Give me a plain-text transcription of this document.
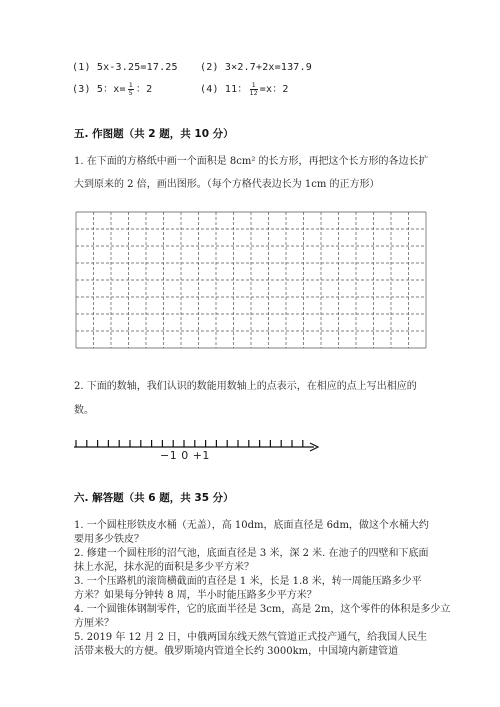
(1) 5x-3.25=17.25 (2) 3×2.7+2x=137.9
(3) 5：$x= \frac{1}{5}$ ：2	(4) 11： $\frac{1}{12} =x$：2
五. 作图题（共 2 题，共 10 分）
1. 在下面的方格纸中画一个面积是 8cm² 的长方形，再把这个长方形的各边长扩
大到原来的 2 倍，画出图形。（每个方格代表边长为 1cm 的正方形）
2. 下面的数轴，我们认识的数能用数轴上的点表示，在相应的点上写出相应的
数。
−1 0 +1
六. 解答题（共 6 题，共 35 分）
1. 一个圆柱形铁皮水桶（无盖），高 10dm，底面直径是 6dm，做这个水桶大约
要用多少铁皮？
2. 修建一个圆柱形的沼气池，底面直径是 3 米，深 2 米. 在池子的四壁和下底面
抹上水泥，抹水泥的面积是多少平方米？
3. 一个压路机的滚筒横截面的直径是 1 米，长是 1.8 米，转一周能压路多少平
方米？如果每分钟转 8 周，半小时能压路多少平方米？
4. 一个圆锥体钢制零件，它的底面半径是 3cm，高是 2m，这个零件的体积是多少立
方厘米？
5. 2019 年 12 月 2 日，中俄两国东线天然气管道正式投产通气，给我国人民生
活带来极大的方便。俄罗斯境内管道全长约 3000km，中国境内新建管道
